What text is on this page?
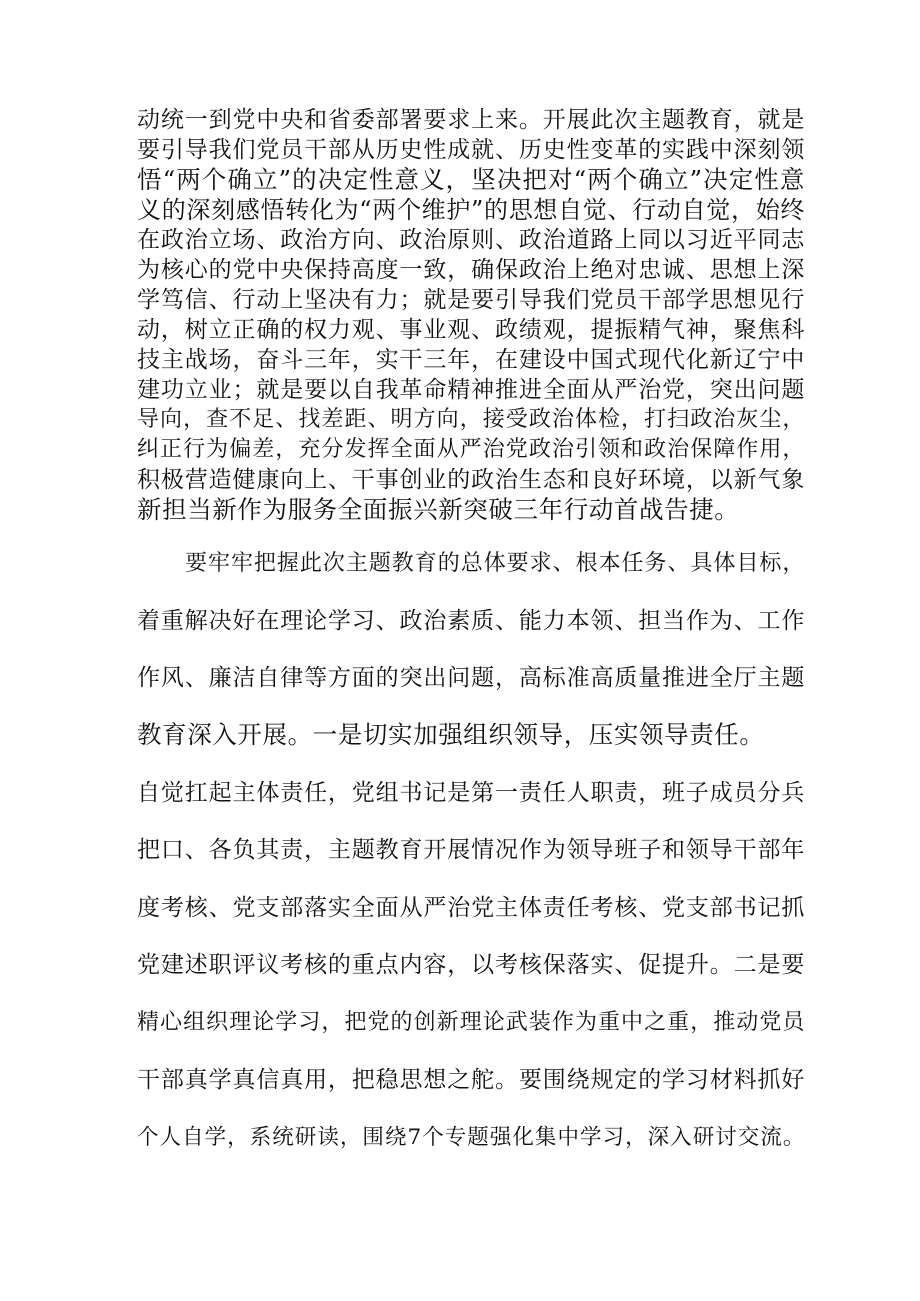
动统一到党中央和省委部署要求上来。开展此次主题教育，就是
要引导我们党员干部从历史性成就、历史性变革的实践中深刻领
悟“两个确立”的决定性意义，坚决把对“两个确立”决定性意
义的深刻感悟转化为“两个维护”的思想自觉、行动自觉，始终
在政治立场、政治方向、政治原则、政治道路上同以习近平同志
为核心的党中央保持高度一致，确保政治上绝对忠诚、思想上深
学笃信、行动上坚决有力；就是要引导我们党员干部学思想见行
动，树立正确的权力观、事业观、政绩观，提振精气神，聚焦科
技主战场，奋斗三年，实干三年，在建设中国式现代化新辽宁中
建功立业；就是要以自我革命精神推进全面从严治党，突出问题
导向，查不足、找差距、明方向，接受政治体检，打扫政治灰尘，
纠正行为偏差，充分发挥全面从严治党政治引领和政治保障作用，
积极营造健康向上、干事创业的政治生态和良好环境，以新气象
新担当新作为服务全面振兴新突破三年行动首战告捷。
要牢牢把握此次主题教育的总体要求、根本任务、具体目标，
着重解决好在理论学习、政治素质、能力本领、担当作为、工作
作风、廉洁自律等方面的突出问题，高标准高质量推进全厅主题
教育深入开展。一是切实加强组织领导，压实领导责任。
自觉扛起主体责任，党组书记是第一责任人职责，班子成员分兵
把口、各负其责，主题教育开展情况作为领导班子和领导干部年
度考核、党支部落实全面从严治党主体责任考核、党支部书记抓
党建述职评议考核的重点内容，以考核保落实、促提升。二是要
精心组织理论学习，把党的创新理论武装作为重中之重，推动党员
干部真学真信真用，把稳思想之舵。要围绕规定的学习材料抓好
个人自学，系统研读，围绕7个专题强化集中学习，深入研讨交流。
